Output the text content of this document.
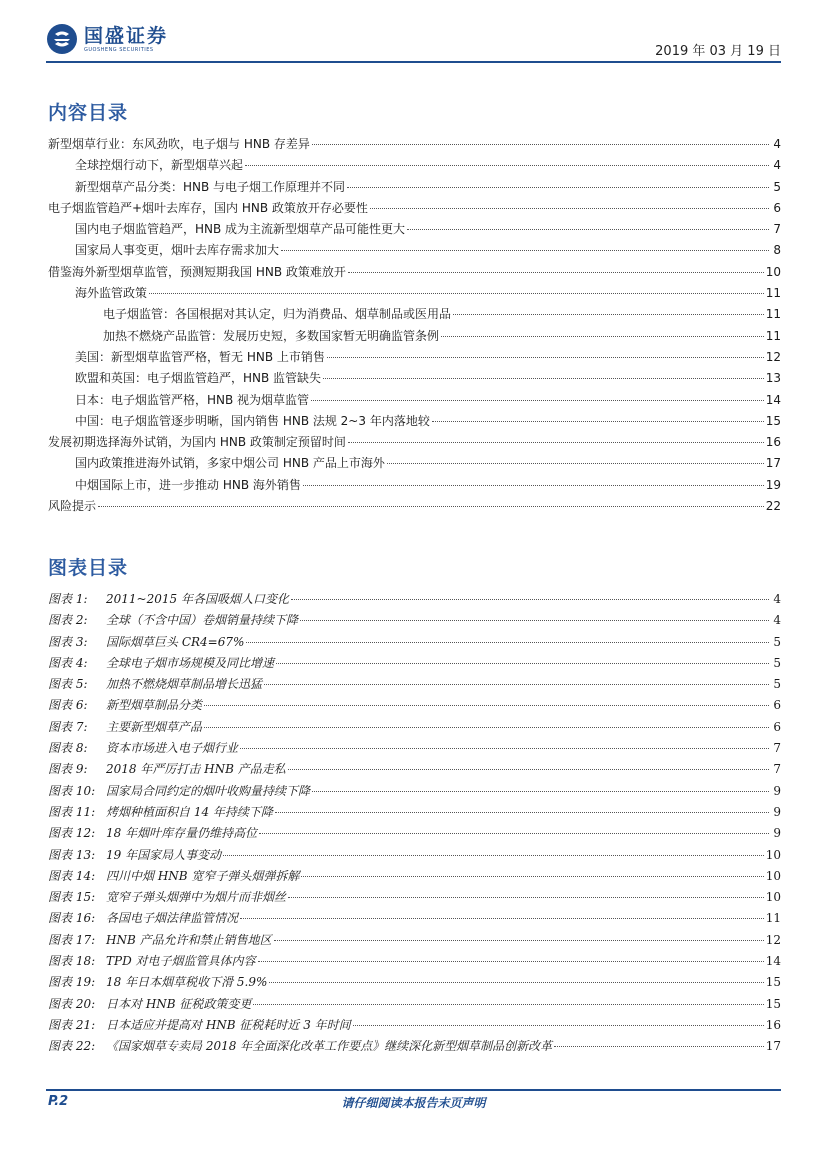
国盛证券
GUOSHENG SECURITIES	2019 年 03 月 19 日
内容目录
新型烟草行业：东风劲吹，电子烟与 HNB 存差异	4
全球控烟行动下，新型烟草兴起	4
新型烟草产品分类：HNB 与电子烟工作原理并不同	5
电子烟监管趋严+烟叶去库存，国内 HNB 政策放开存必要性	6
国内电子烟监管趋严，HNB 成为主流新型烟草产品可能性更大	7
国家局人事变更，烟叶去库存需求加大	8
借鉴海外新型烟草监管，预测短期我国 HNB 政策难放开	10
海外监管政策	11
电子烟监管：各国根据对其认定，归为消费品、烟草制品或医用品	11
加热不燃烧产品监管：发展历史短，多数国家暂无明确监管条例	11
美国：新型烟草监管严格，暂无 HNB 上市销售	12
欧盟和英国：电子烟监管趋严，HNB 监管缺失	13
日本：电子烟监管严格，HNB 视为烟草监管	14
中国：电子烟监管逐步明晰，国内销售 HNB 法规 2~3 年内落地较	15
发展初期选择海外试销，为国内 HNB 政策制定预留时间	16
国内政策推进海外试销，多家中烟公司 HNB 产品上市海外	17
中烟国际上市，进一步推动 HNB 海外销售	19
风险提示	22
图表目录
图表 1: 2011~2015 年各国吸烟人口变化	4
图表 2: 全球（不含中国）卷烟销量持续下降	4
图表 3: 国际烟草巨头 CR4=67%	5
图表 4: 全球电子烟市场规模及同比增速	5
图表 5: 加热不燃烧烟草制品增长迅猛	5
图表 6: 新型烟草制品分类	6
图表 7: 主要新型烟草产品	6
图表 8: 资本市场进入电子烟行业	7
图表 9: 2018 年严厉打击 HNB 产品走私	7
图表 10: 国家局合同约定的烟叶收购量持续下降	9
图表 11: 烤烟种植面积自 14 年持续下降	9
图表 12: 18 年烟叶库存量仍维持高位	9
图表 13: 19 年国家局人事变动	10
图表 14: 四川中烟 HNB 宽窄子弹头烟弹拆解	10
图表 15: 宽窄子弹头烟弹中为烟片而非烟丝	10
图表 16: 各国电子烟法律监管情况	11
图表 17: HNB 产品允许和禁止销售地区	12
图表 18: TPD 对电子烟监管具体内容	14
图表 19: 18 年日本烟草税收下滑 5.9%	15
图表 20: 日本对 HNB 征税政策变更	15
图表 21: 日本适应并提高对 HNB 征税耗时近 3 年时间	16
图表 22: 《国家烟草专卖局 2018 年全面深化改革工作要点》继续深化新型烟草制品创新改革	17
P.2	请仔细阅读本报告末页声明
